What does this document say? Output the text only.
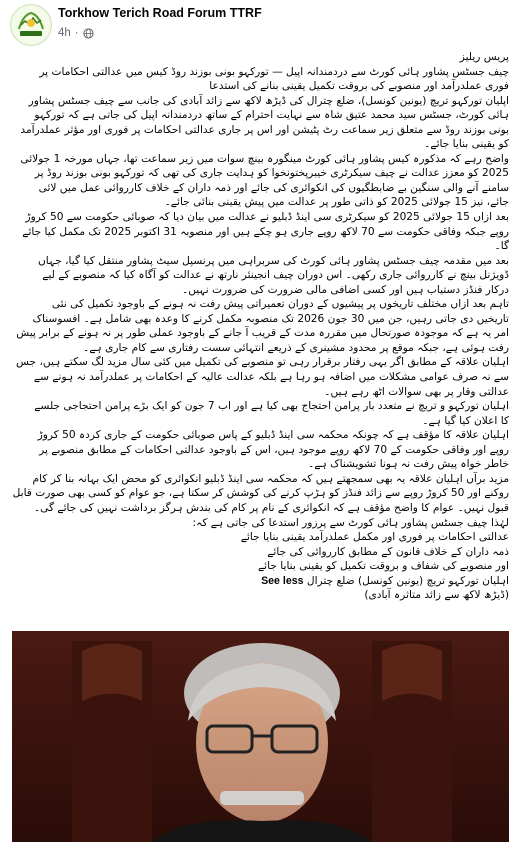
Torkhow Terich Road Forum TTRF
4h ·

پریس ریلیز

چیف جسٹس پشاور ہائی کورٹ سے دردمندانہ اپیل — تورکہو بونی بوزند روڈ کیس میں عدالتی احکامات پر

فوری عملدرآمد اور منصوبے کی بروقت تکمیل یقینی بنانے کی استدعا

اپلیان تورکہو تریچ (یونین کونسل)، ضلع چترال کی ڈیڑھ لاکھ سے زائد آبادی کی جانب سے چیف جسٹس پشاور

ہائی کورٹ، جسٹس سید محمد عتیق شاہ سے نہایت احترام کے ساتھ دردمندانہ اپیل کی جاتی ہے کہ تورکہو

بونی بوزند روڈ سے متعلق زیر سماعت رٹ پٹیشن اور اس پر جاری عدالتی احکامات پر فوری اور مؤثر عملدرآمد

کو یقینی بنایا جائے۔

واضح رہے کہ مذکورہ کیس پشاور ہائی کورٹ مینگورہ بینچ سوات میں زیر سماعت تھا، جہاں مورخہ 1 جولائی

2025 کو معزز عدالت نے چیف سیکرٹری خیبرپختونخوا کو ہدایت جاری کی تھی کہ تورکہو بونی بوزند روڈ پر

سامنے آنے والی سنگین بے ضابطگیوں کی انکوائری کی جائے اور ذمہ داران کے خلاف کارروائی عمل میں لائی

جائے، نیز 15 جولائی 2025 کو ذاتی طور پر عدالت میں پیش یقینی بنائی جائے۔

بعد ازاں 15 جولائی 2025 کو سیکرٹری سی اینڈ ڈبلیو نے عدالت میں بیان دیا کہ صوبائی حکومت سے 50 کروڑ

روپے جبکہ وفاقی حکومت سے 70 لاکھ روپے جاری ہو چکے ہیں اور منصوبہ 31 اکتوبر 2025 تک مکمل کیا جائے

گا۔

بعد میں مقدمہ چیف جسٹس پشاور ہائی کورٹ کی سربراہی میں پرنسپل سیٹ پشاور منتقل کیا گیا، جہاں

ڈویژنل بینچ نے کارروائی جاری رکھی۔ اس دوران چیف انجینئر نارتھ نے عدالت کو آگاہ کیا کہ منصوبے کے لیے

درکار فنڈز دستیاب ہیں اور کسی اضافی مالی ضرورت کی ضرورت نہیں۔

تاہم بعد ازاں مختلف تاریخوں پر پیشیوں کے دوران تعمیراتی پیش رفت نہ ہونے کے باوجود تکمیل کی نئی

تاریخیں دی جاتی رہیں، جن میں 30 جون 2026 تک منصوبہ مکمل کرنے کا وعدہ بھی شامل ہے۔ افسوسناک

امر یہ ہے کہ موجودہ صورتحال میں مقررہ مدت کے قریب آ جانے کے باوجود عملی طور پر نہ ہونے کے برابر پیش

رفت ہوئی ہے، جبکہ موقع پر محدود مشینری کے ذریعے انتہائی سست رفتاری سے کام جاری ہے۔

اہلیان علاقہ کے مطابق اگر یہی رفتار برقرار رہی تو منصوبے کی تکمیل میں کئی سال مزید لگ سکتے ہیں، جس

سے نہ صرف عوامی مشکلات میں اضافہ ہو رہا ہے بلکہ عدالت عالیہ کے احکامات پر عملدرآمد نہ ہونے سے

عدالتی وقار پر بھی سوالات اٹھ رہے ہیں۔

اہلیان تورکہو و تریچ نے متعدد بار پرامن احتجاج بھی کیا ہے اور اب 7 جون کو ایک بڑے پرامن احتجاجی جلسے

کا اعلان کیا گیا ہے۔

اہلیان علاقہ کا مؤقف ہے کہ چونکہ محکمہ سی اینڈ ڈبلیو کے پاس صوبائی حکومت کے جاری کردہ 50 کروڑ

روپے اور وفاقی حکومت کے 70 لاکھ روپے موجود ہیں، اس کے باوجود عدالتی احکامات کے مطابق منصوبے پر

خاطر خواہ پیش رفت نہ ہونا تشویشناک ہے۔

مزید برآں اہلیان علاقہ یہ بھی سمجھتے ہیں کہ محکمہ سی اینڈ ڈبلیو انکوائری کو محض ایک بہانہ بنا کر کام

روکنے اور 50 کروڑ روپے سے زائد فنڈز کو ہڑپ کرنے کی کوشش کر سکتا ہے، جو عوام کو کسی بھی صورت قابل

قبول نہیں۔ عوام کا واضح مؤقف ہے کہ انکوائری کے نام پر کام کی بندش ہرگز برداشت نہیں کی جائے گی۔

لہٰذا چیف جسٹس پشاور ہائی کورٹ سے پرزور استدعا کی جاتی ہے کہ:

عدالتی احکامات پر فوری اور مکمل عملدرآمد یقینی بنایا جائے

ذمہ داران کے خلاف قانون کے مطابق کارروائی کی جائے

اور منصوبے کی شفاف و بروقت تکمیل کو یقینی بنایا جائے

اہلیان تورکہو تریچ (یونین کونسل) ضلع چترال See less

(ڈیڑھ لاکھ سے زائد متاثرہ آبادی)
